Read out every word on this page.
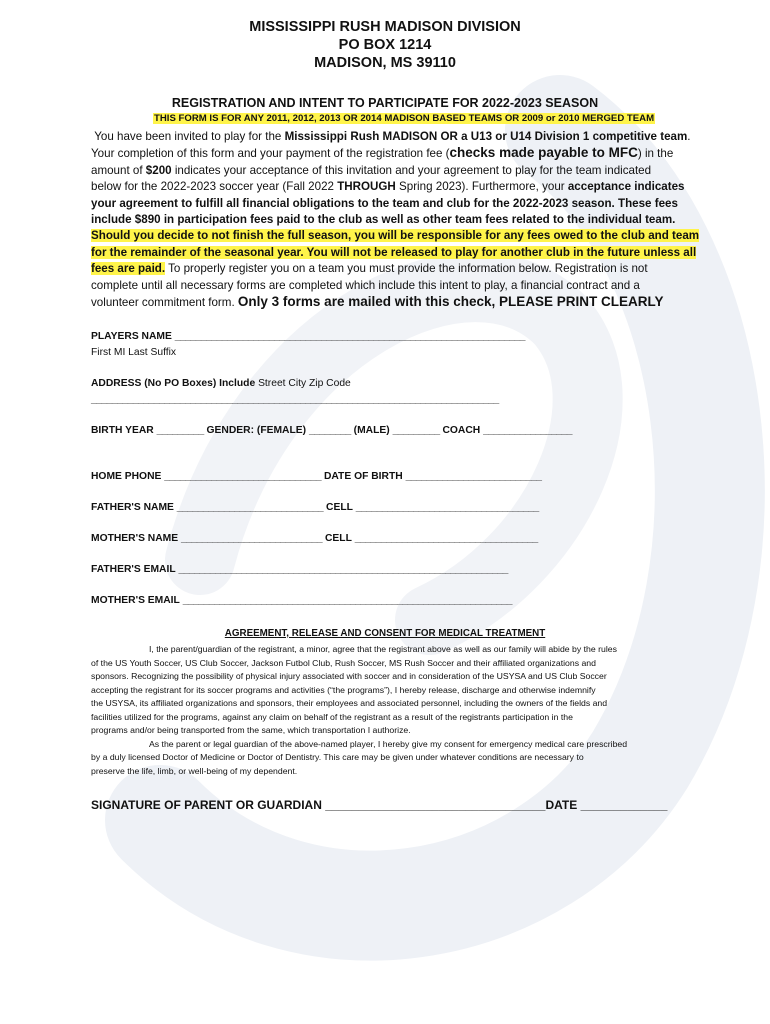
MISSISSIPPI RUSH MADISON DIVISION
PO BOX 1214
MADISON, MS 39110
REGISTRATION AND INTENT TO PARTICIPATE FOR 2022-2023 SEASON
THIS FORM IS FOR ANY 2011, 2012, 2013 OR 2014 MADISON BASED TEAMS OR 2009 or 2010 MERGED TEAM
You have been invited to play for the Mississippi Rush MADISON OR a U13 or U14 Division 1 competitive team.
Your completion of this form and your payment of the registration fee (checks made payable to MFC) in the
amount of $200 indicates your acceptance of this invitation and your agreement to play for the team indicated
below for the 2022-2023 soccer year (Fall 2022 THROUGH Spring 2023). Furthermore, your acceptance indicates
your agreement to fulfill all financial obligations to the team and club for the 2022-2023 season. These fees
include $890 in participation fees paid to the club as well as other team fees related to the individual team.
Should you decide to not finish the full season, you will be responsible for any fees owed to the club and team
for the remainder of the seasonal year. You will not be released to play for another club in the future unless all
fees are paid. To properly register you on a team you must provide the information below. Registration is not
complete until all necessary forms are completed which include this intent to play, a financial contract and a
volunteer commitment form. Only 3 forms are mailed with this check, PLEASE PRINT CLEARLY
PLAYERS NAME ___________________________________________________________________
First MI Last Suffix
ADDRESS (No PO Boxes) Include Street City Zip Code
______________________________________________________________________________
BIRTH YEAR _________ GENDER: (FEMALE) ________ (MALE) _________ COACH _________________
HOME PHONE ______________________________ DATE OF BIRTH __________________________
FATHER'S NAME ____________________________ CELL ___________________________________
MOTHER'S NAME ___________________________ CELL ___________________________________
FATHER'S EMAIL _______________________________________________________________
MOTHER'S EMAIL _______________________________________________________________
AGREEMENT, RELEASE AND CONSENT FOR MEDICAL TREATMENT
I, the parent/guardian of the registrant, a minor, agree that the registrant above as well as our family will abide by the rules
of the US Youth Soccer, US Club Soccer, Jackson Futbol Club, Rush Soccer, MS Rush Soccer and their affiliated organizations and
sponsors. Recognizing the possibility of physical injury associated with soccer and in consideration of the USYSA and US Club Soccer
accepting the registrant for its soccer programs and activities (“the programs”), I hereby release, discharge and otherwise indemnify
the USYSA, its affiliated organizations and sponsors, their employees and associated personnel, including the owners of the fields and
facilities utilized for the programs, against any claim on behalf of the registrant as a result of the registrants participation in the
programs and/or being transported from the same, which transportation I authorize.
As the parent or legal guardian of the above-named player, I hereby give my consent for emergency medical care prescribed
by a duly licensed Doctor of Medicine or Doctor of Dentistry. This care may be given under whatever conditions are necessary to
preserve the life, limb, or well-being of my dependent.
SIGNATURE OF PARENT OR GUARDIAN _________________________________DATE _____________
